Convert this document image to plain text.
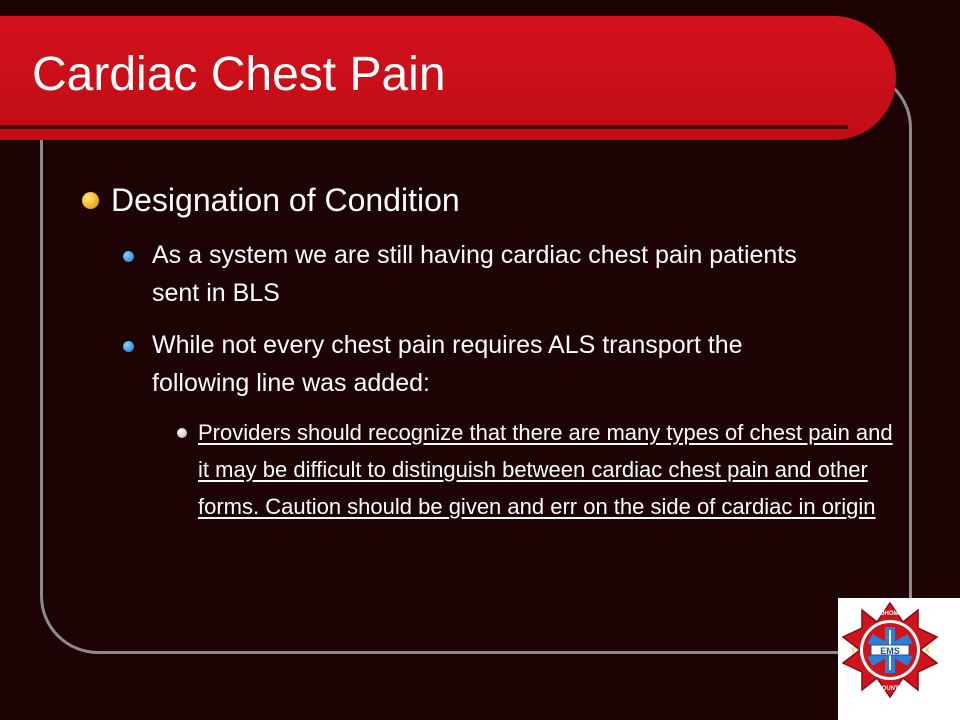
Cardiac Chest Pain
Designation of Condition
As a system we are still having cardiac chest pain patients sent in BLS
While not every chest pain requires ALS transport the following line was added:
Providers should recognize that there are many types of chest pain and it may be difficult to distinguish between cardiac chest pain and other forms. Caution should be given and err on the side of cardiac in origin
EMS
SNOHOMISH
COUNTY
Y	X
